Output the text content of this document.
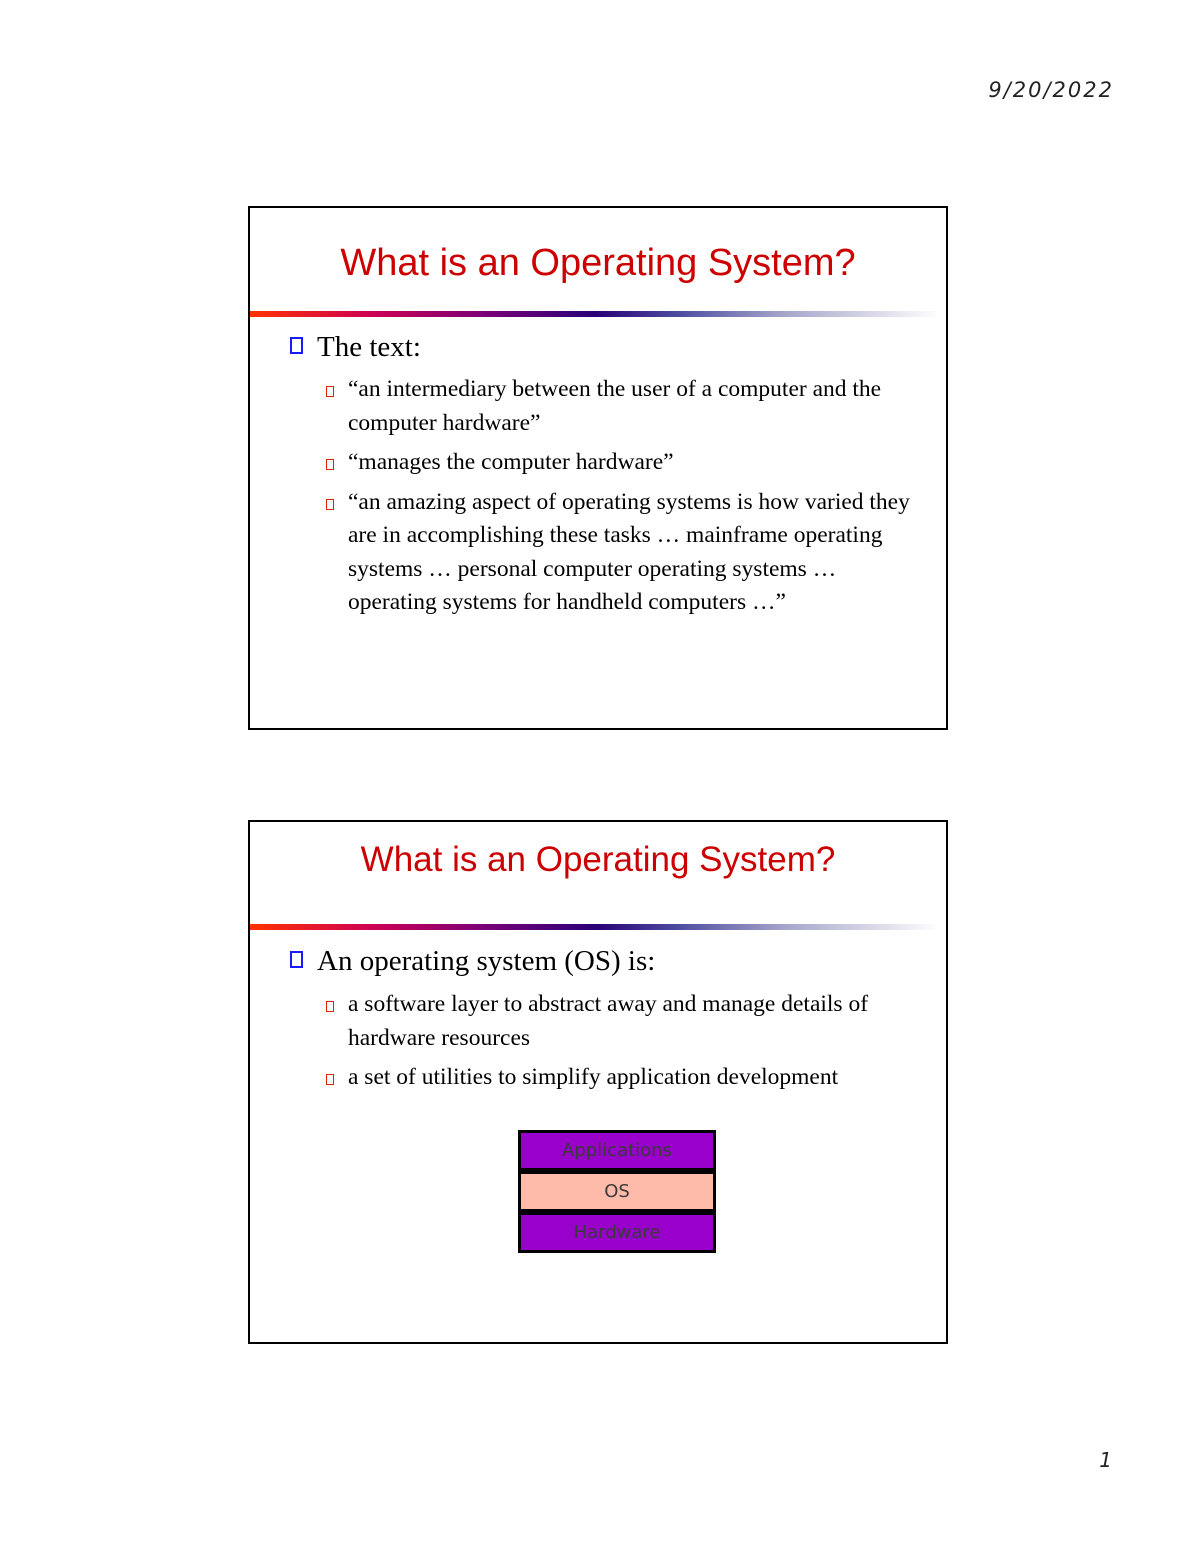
9/20/2022
What is an Operating System?
The text:
“an intermediary between the user of a computer and the computer hardware”
“manages the computer hardware”
“an amazing aspect of operating systems is how varied they are in accomplishing these tasks … mainframe operating systems … personal computer operating systems … operating systems for handheld computers …”
What is an Operating System?
An operating system (OS) is:
a software layer to abstract away and manage details of hardware resources
a set of utilities to simplify application development
Applications
OS
Hardware
1
